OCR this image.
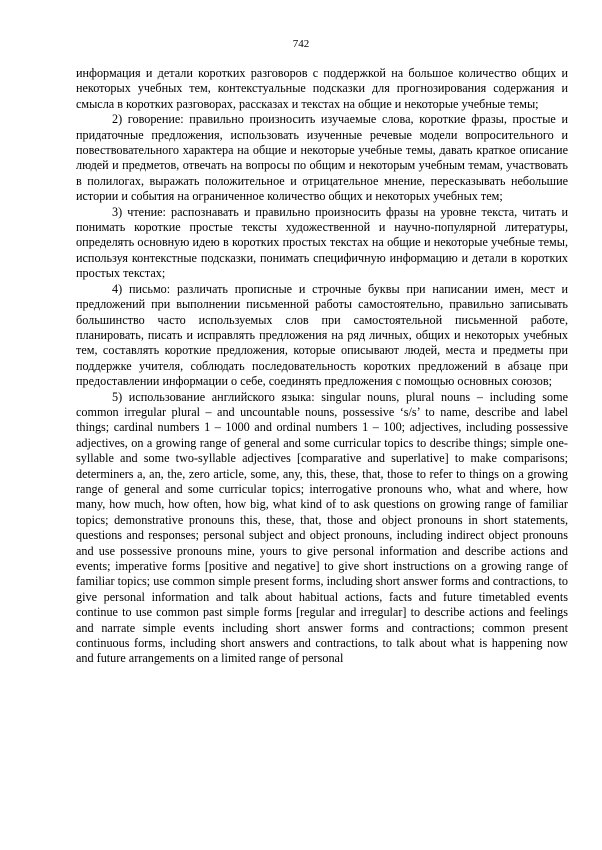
742

информация и детали коротких разговоров с поддержкой на большое количество общих и некоторых учебных тем, контекстуальные подсказки для прогнозирования содержания и смысла в коротких разговорах, рассказах и текстах на общие и некоторые учебные темы;

2) говорение: правильно произносить изучаемые слова, короткие фразы, простые и придаточные предложения, использовать изученные речевые модели вопросительного и повествовательного характера на общие и некоторые учебные темы, давать краткое описание людей и предметов, отвечать на вопросы по общим и некоторым учебным темам, участвовать в полилогах, выражать положительное и отрицательное мнение, пересказывать небольшие истории и события на ограниченное количество общих и некоторых учебных тем;

3) чтение: распознавать и правильно произносить фразы на уровне текста, читать и понимать короткие простые тексты художественной и научно-популярной литературы, определять основную идею в коротких простых текстах на общие и некоторые учебные темы, используя контекстные подсказки, понимать специфичную информацию и детали в коротких простых текстах;

4) письмо: различать прописные и строчные буквы при написании имен, мест и предложений при выполнении письменной работы самостоятельно, правильно записывать большинство часто используемых слов при самостоятельной письменной работе, планировать, писать и исправлять предложения на ряд личных, общих и некоторых учебных тем, составлять короткие предложения, которые описывают людей, места и предметы при поддержке учителя, соблюдать последовательность коротких предложений в абзаце при предоставлении информации о себе, соединять предложения с помощью основных союзов;

5) использование английского языка: singular nouns, plural nouns – including some common irregular plural – and uncountable nouns, possessive ‘s/s’ to name, describe and label things; cardinal numbers 1 – 1000 and ordinal numbers 1 – 100; adjectives, including possessive adjectives, on a growing range of general and some curricular topics to describe things; simple one-syllable and some two-syllable adjectives [comparative and superlative] to make comparisons; determiners a, an, the, zero article, some, any, this, these, that, those to refer to things on a growing range of general and some curricular topics; interrogative pronouns who, what and where, how many, how much, how often, how big, what kind of to ask questions on growing range of familiar topics; demonstrative pronouns this, these, that, those and object pronouns in short statements, questions and responses; personal subject and object pronouns, including indirect object pronouns and use possessive pronouns mine, yours to give personal information and describe actions and events; imperative forms [positive and negative] to give short instructions on a growing range of familiar topics; use common simple present forms, including short answer forms and contractions, to give personal information and talk about habitual actions, facts and future timetabled events continue to use common past simple forms [regular and irregular] to describe actions and feelings and narrate simple events including short answer forms and contractions; common present continuous forms, including short answers and contractions, to talk about what is happening now and future arrangements on a limited range of personal
